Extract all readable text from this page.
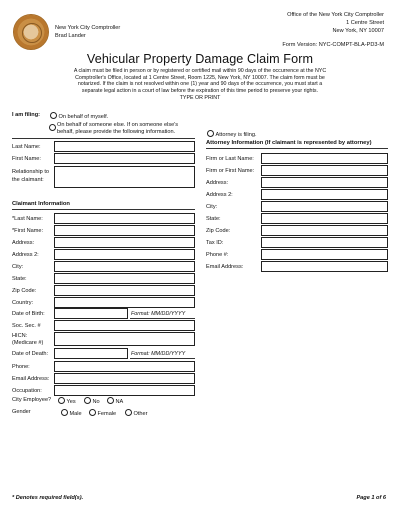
New York City Comptroller
Brad Lander
Office of the New York City Comptroller
1 Centre Street
New York, NY 10007
Form Version: NYC-COMPT-BLA-PD3-M
Vehicular Property Damage Claim Form
A claim must be filed in person or by registered or certified mail within 90 days of the occurrence at the NYC
Comptroller's Office, located at 1 Centre Street, Room 1225, New York, NY 10007. The claim form must be
notarized. If the claim is not resolved within one (1) year and 90 days of the occurrence, you must start a
separate legal action in a court of law before the expiration of this time period to preserve your rights.
TYPE OR PRINT
I am filing:	On behalf of myself.
On behalf of someone else. If on someone else's
behalf, please provide the following information.	Attorney is filing.
Last Name:
First Name:
Relationship to
the claimant:
Attorney Information (If claimant is represented by attorney)
Firm or Last Name:
Firm or First Name:
Address:
Address 2:
City:
State:
Zip Code:
Tax ID:
Phone #:
Email Address:
Claimant Information
*Last Name:
*First Name:
Address:
Address 2:
City:
State:
Zip Code:
Country:
Date of Birth:	Format: MM/DD/YYYY
Soc. Sec. #
HICN:
(Medicare #)
Date of Death:	Format: MM/DD/YYYY
Phone:
Email Address:
Occupation:
City Employee?	Yes	No	NA
Gender	Male	Female	Other
* Denotes required field(s).	Page 1 of 6
